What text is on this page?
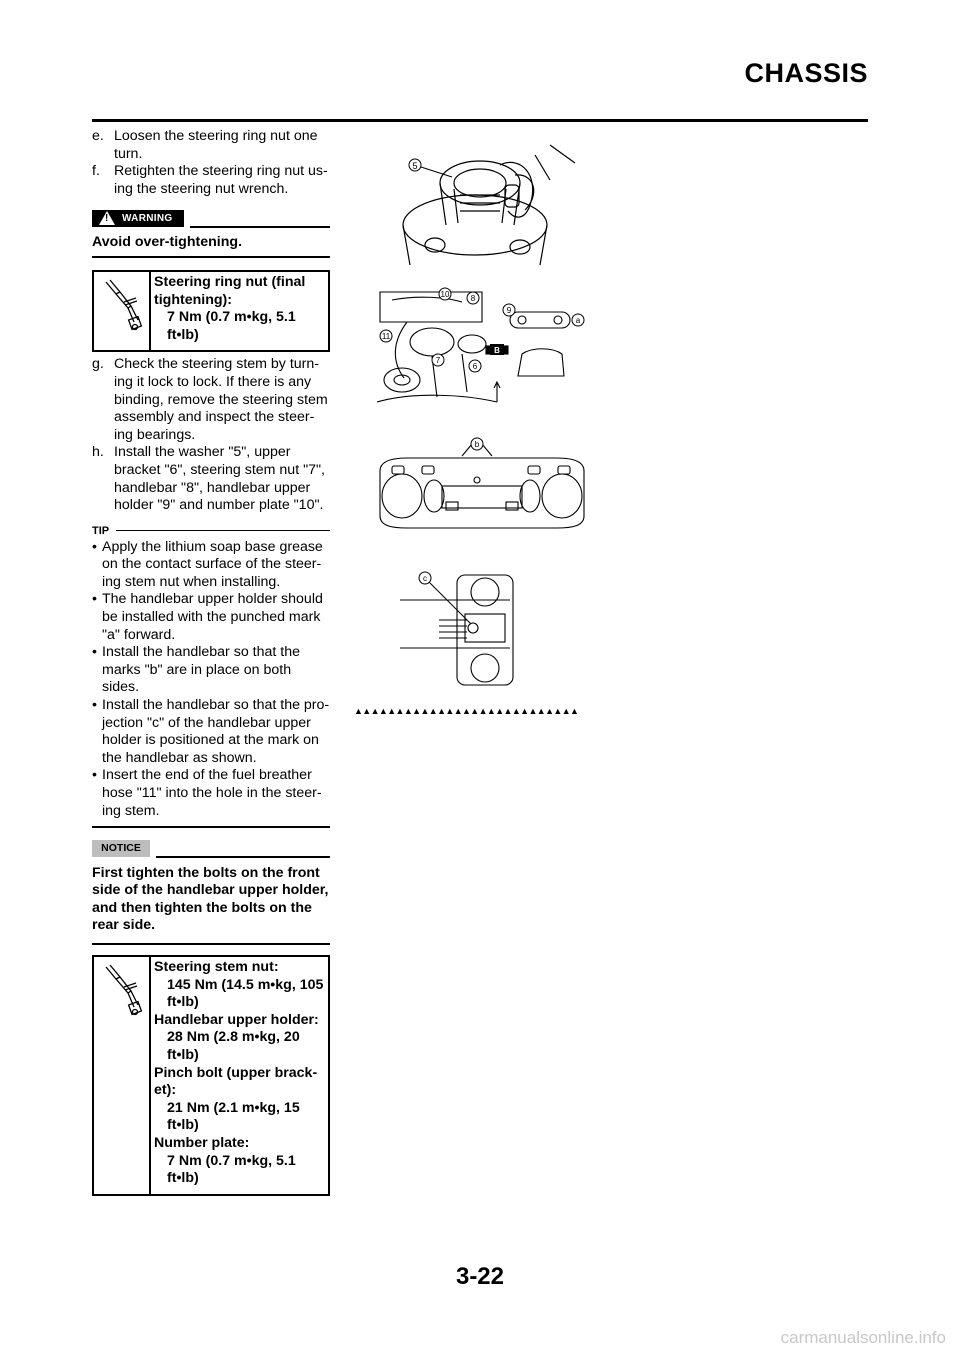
CHASSIS
e. Loosen the steering ring nut one turn.
f. Retighten the steering ring nut us-ing the steering nut wrench.
! WARNING
Avoid over-tightening.
Steering ring nut (final tightening):
7 Nm (0.7 m•kg, 5.1 ft•lb)
g. Check the steering stem by turn-ing it lock to lock. If there is any binding, remove the steering stem assembly and inspect the steer-ing bearings.
h. Install the washer "5", upper bracket "6", steering stem nut "7", handlebar "8", handlebar upper holder "9" and number plate "10".
TIP
• Apply the lithium soap base grease on the contact surface of the steer-ing stem nut when installing.
• The handlebar upper holder should be installed with the punched mark "a" forward.
• Install the handlebar so that the marks "b" are in place on both sides.
• Install the handlebar so that the pro-jection "c" of the handlebar upper holder is positioned at the mark on the handlebar as shown.
• Insert the end of the fuel breather hose "11" into the hole in the steer-ing stem.
NOTICE
First tighten the bolts on the front side of the handlebar upper holder, and then tighten the bolts on the rear side.
Steering stem nut:
145 Nm (14.5 m•kg, 105 ft•lb)
Handlebar upper holder:
28 Nm (2.8 m•kg, 20 ft•lb)
Pinch bolt (upper brack-et):
21 Nm (2.1 m•kg, 15 ft•lb)
Number plate:
7 Nm (0.7 m•kg, 5.1 ft•lb)
5
10	8
9
a
11
7
6
B
b
c
▲▲▲▲▲▲▲▲▲▲▲▲▲▲▲▲▲▲▲▲▲▲▲▲▲▲▲
3-22
carmanualsonline.info
